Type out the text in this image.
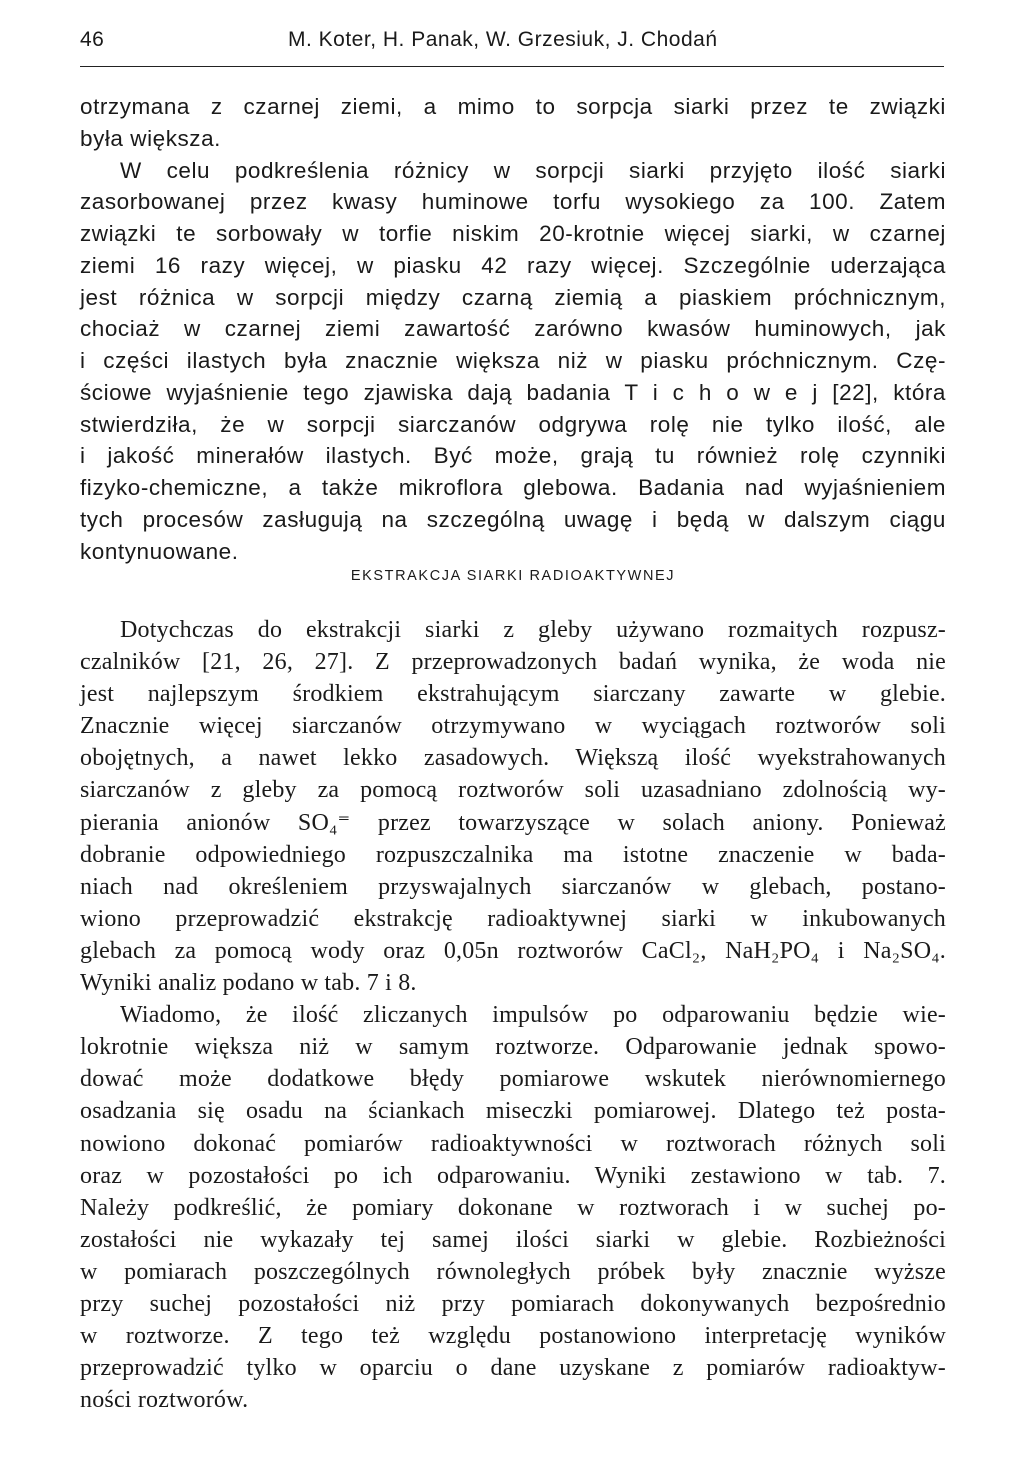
46	M. Koter, H. Panak, W. Grzesiuk, J. Chodań
otrzymana z czarnej ziemi, a mimo to sorpcja siarki przez te związki
była większa.
W celu podkreślenia różnicy w sorpcji siarki przyjęto ilość siarki
zasorbowanej przez kwasy huminowe torfu wysokiego za 100. Zatem
związki te sorbowały w torfie niskim 20-krotnie więcej siarki, w czarnej
ziemi 16 razy więcej, w piasku 42 razy więcej. Szczególnie uderzająca
jest różnica w sorpcji między czarną ziemią a piaskiem próchnicznym,
chociaż w czarnej ziemi zawartość zarówno kwasów huminowych, jak
i części ilastych była znacznie większa niż w piasku próchnicznym. Czę-
ściowe wyjaśnienie tego zjawiska dają badania T i c h o w e j [22], która
stwierdziła, że w sorpcji siarczanów odgrywa rolę nie tylko ilość, ale
i jakość minerałów ilastych. Być może, grają tu również rolę czynniki
fizyko-chemiczne, a także mikroflora glebowa. Badania nad wyjaśnieniem
tych procesów zasługują na szczególną uwagę i będą w dalszym ciągu
kontynuowane.
EKSTRAKCJA SIARKI RADIOAKTYWNEJ
Dotychczas do ekstrakcji siarki z gleby używano rozmaitych rozpusz-
czalników [21, 26, 27]. Z przeprowadzonych badań wynika, że woda nie
jest najlepszym środkiem ekstrahującym siarczany zawarte w glebie.
Znacznie więcej siarczanów otrzymywano w wyciągach roztworów soli
obojętnych, a nawet lekko zasadowych. Większą ilość wyekstrahowanych
siarczanów z gleby za pomocą roztworów soli uzasadniano zdolnością wy-
pierania anionów SO₄⁼ przez towarzyszące w solach aniony. Ponieważ
dobranie odpowiedniego rozpuszczalnika ma istotne znaczenie w bada-
niach nad określeniem przyswajalnych siarczanów w glebach, postano-
wiono przeprowadzić ekstrakcję radioaktywnej siarki w inkubowanych
glebach za pomocą wody oraz 0,05n roztworów CaCl₂, NaH₂PO₄ i Na₂SO₄.
Wyniki analiz podano w tab. 7 i 8.
Wiadomo, że ilość zliczanych impulsów po odparowaniu będzie wie-
lokrotnie większa niż w samym roztworze. Odparowanie jednak spowo-
dować może dodatkowe błędy pomiarowe wskutek nierównomiernego
osadzania się osadu na ściankach miseczki pomiarowej. Dlatego też posta-
nowiono dokonać pomiarów radioaktywności w roztworach różnych soli
oraz w pozostałości po ich odparowaniu. Wyniki zestawiono w tab. 7.
Należy podkreślić, że pomiary dokonane w roztworach i w suchej po-
zostałości nie wykazały tej samej ilości siarki w glebie. Rozbieżności
w pomiarach poszczególnych równoległych próbek były znacznie wyższe
przy suchej pozostałości niż przy pomiarach dokonywanych bezpośrednio
w roztworze. Z tego też względu postanowiono interpretację wyników
przeprowadzić tylko w oparciu o dane uzyskane z pomiarów radioaktyw-
ności roztworów.
